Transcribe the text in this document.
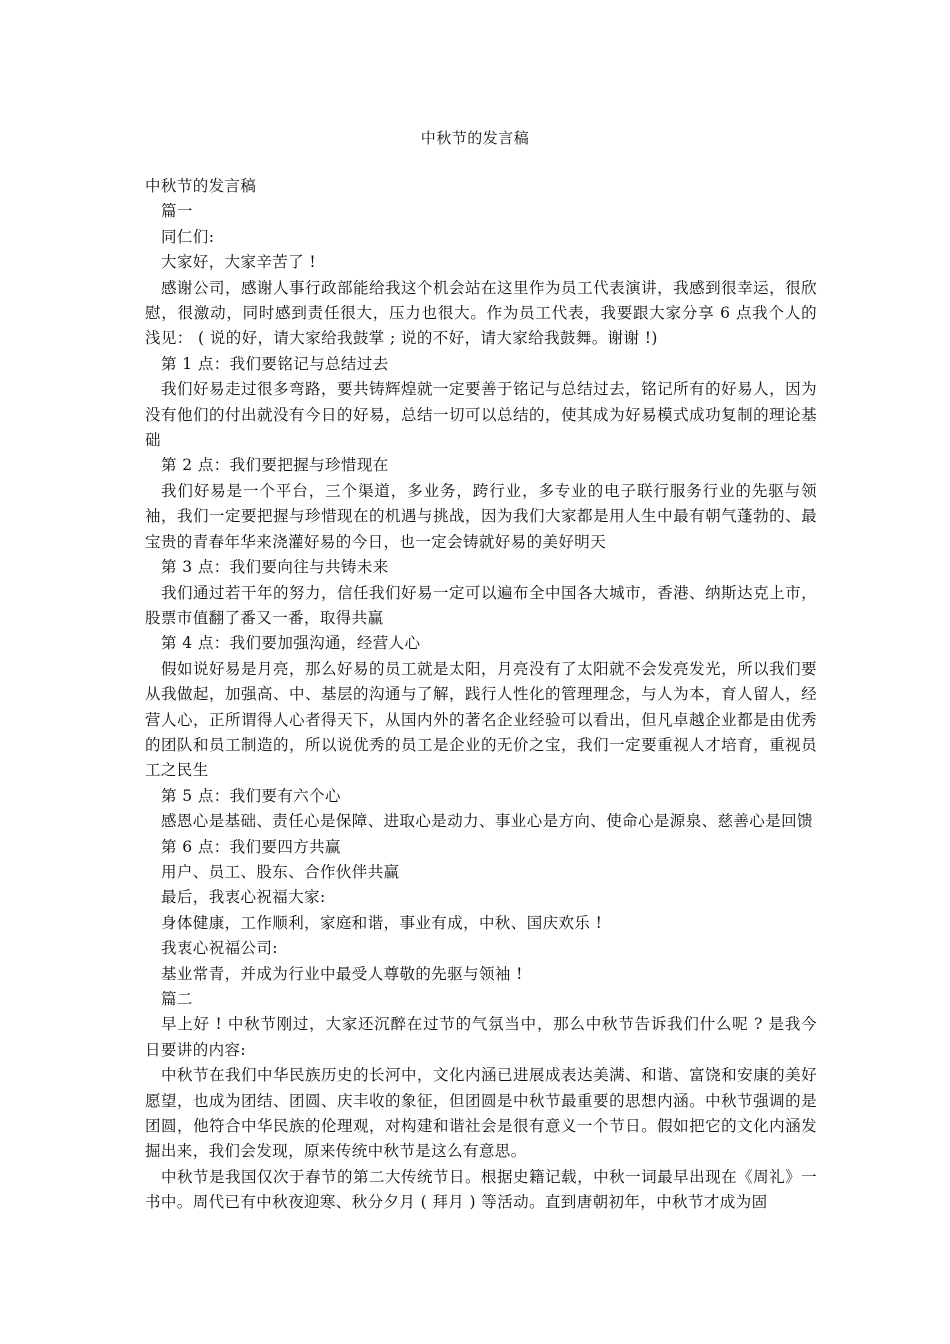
中秋节的发言稿

中秋节的发言稿

篇一

同仁们:

大家好，大家辛苦了 !

感谢公司，感谢人事行政部能给我这个机会站在这里作为员工代表演讲，我感到很幸运，很欣慰，很激动，同时感到责任很大，压力也很大。作为员工代表，我要跟大家分享 6 点我个人的浅见： ( 说的好，请大家给我鼓掌 ; 说的不好，请大家给我鼓舞。谢谢 !)

第 1 点：我们要铭记与总结过去

我们好易走过很多弯路，要共铸辉煌就一定要善于铭记与总结过去，铭记所有的好易人，因为没有他们的付出就没有今日的好易，总结一切可以总结的，使其成为好易模式成功复制的理论基础

第 2 点：我们要把握与珍惜现在

我们好易是一个平台，三个渠道，多业务，跨行业，多专业的电子联行服务行业的先驱与领袖，我们一定要把握与珍惜现在的机遇与挑战，因为我们大家都是用人生中最有朝气蓬勃的、最宝贵的青春年华来浇灌好易的今日，也一定会铸就好易的美好明天

第 3 点：我们要向往与共铸未来

我们通过若干年的努力，信任我们好易一定可以遍布全中国各大城市，香港、纳斯达克上市，股票市值翻了番又一番，取得共赢

第 4 点：我们要加强沟通，经营人心

假如说好易是月亮，那么好易的员工就是太阳，月亮没有了太阳就不会发亮发光，所以我们要从我做起，加强高、中、基层的沟通与了解，践行人性化的管理理念，与人为本，育人留人，经营人心，正所谓得人心者得天下，从国内外的著名企业经验可以看出，但凡卓越企业都是由优秀的团队和员工制造的，所以说优秀的员工是企业的无价之宝，我们一定要重视人才培育，重视员工之民生

第 5 点：我们要有六个心

感恩心是基础、责任心是保障、进取心是动力、事业心是方向、使命心是源泉、慈善心是回馈

第 6 点：我们要四方共赢

用户、员工、股东、合作伙伴共赢

最后，我衷心祝福大家:

身体健康，工作顺利，家庭和谐，事业有成，中秋、国庆欢乐 !

我衷心祝福公司:

基业常青，并成为行业中最受人尊敬的先驱与领袖 !

篇二

早上好 ! 中秋节刚过，大家还沉醉在过节的气氛当中，那么中秋节告诉我们什么呢 ? 是我今日要讲的内容:

中秋节在我们中华民族历史的长河中，文化内涵已进展成表达美满、和谐、富饶和安康的美好愿望，也成为团结、团圆、庆丰收的象征，但团圆是中秋节最重要的思想内涵。中秋节强调的是团圆，他符合中华民族的伦理观，对构建和谐社会是很有意义一个节日。假如把它的文化内涵发掘出来，我们会发现，原来传统中秋节是这么有意思。

中秋节是我国仅次于春节的第二大传统节日。根据史籍记载，中秋一词最早出现在《周礼》一书中。周代已有中秋夜迎寒、秋分夕月 ( 拜月 ) 等活动。直到唐朝初年，中秋节才成为固
